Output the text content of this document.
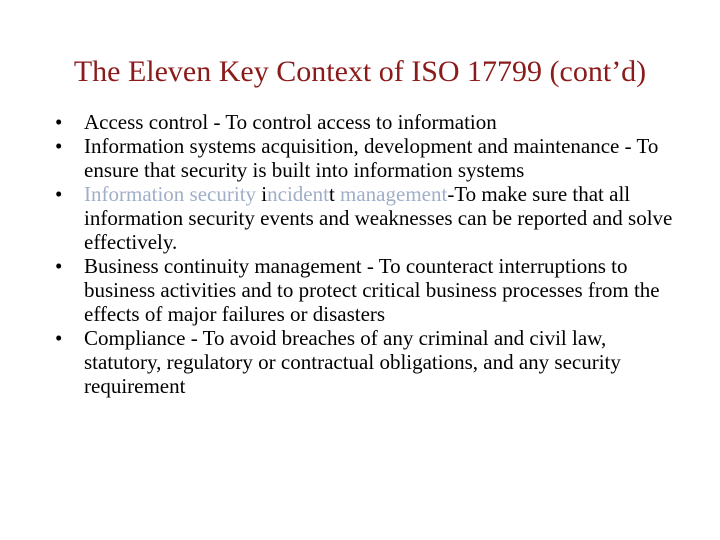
The Eleven Key Context of ISO 17799 (cont’d)
• Access control - To control access to information
• Information systems acquisition, development and maintenance - To ensure that security is built into information systems
• Information security incidentt management-To make sure that all information security events and weaknesses can be reported and solve effectively.
• Business continuity management - To counteract interruptions to business activities and to protect critical business processes from the effects of major failures or disasters
• Compliance - To avoid breaches of any criminal and civil law, statutory, regulatory or contractual obligations, and any security requirement
